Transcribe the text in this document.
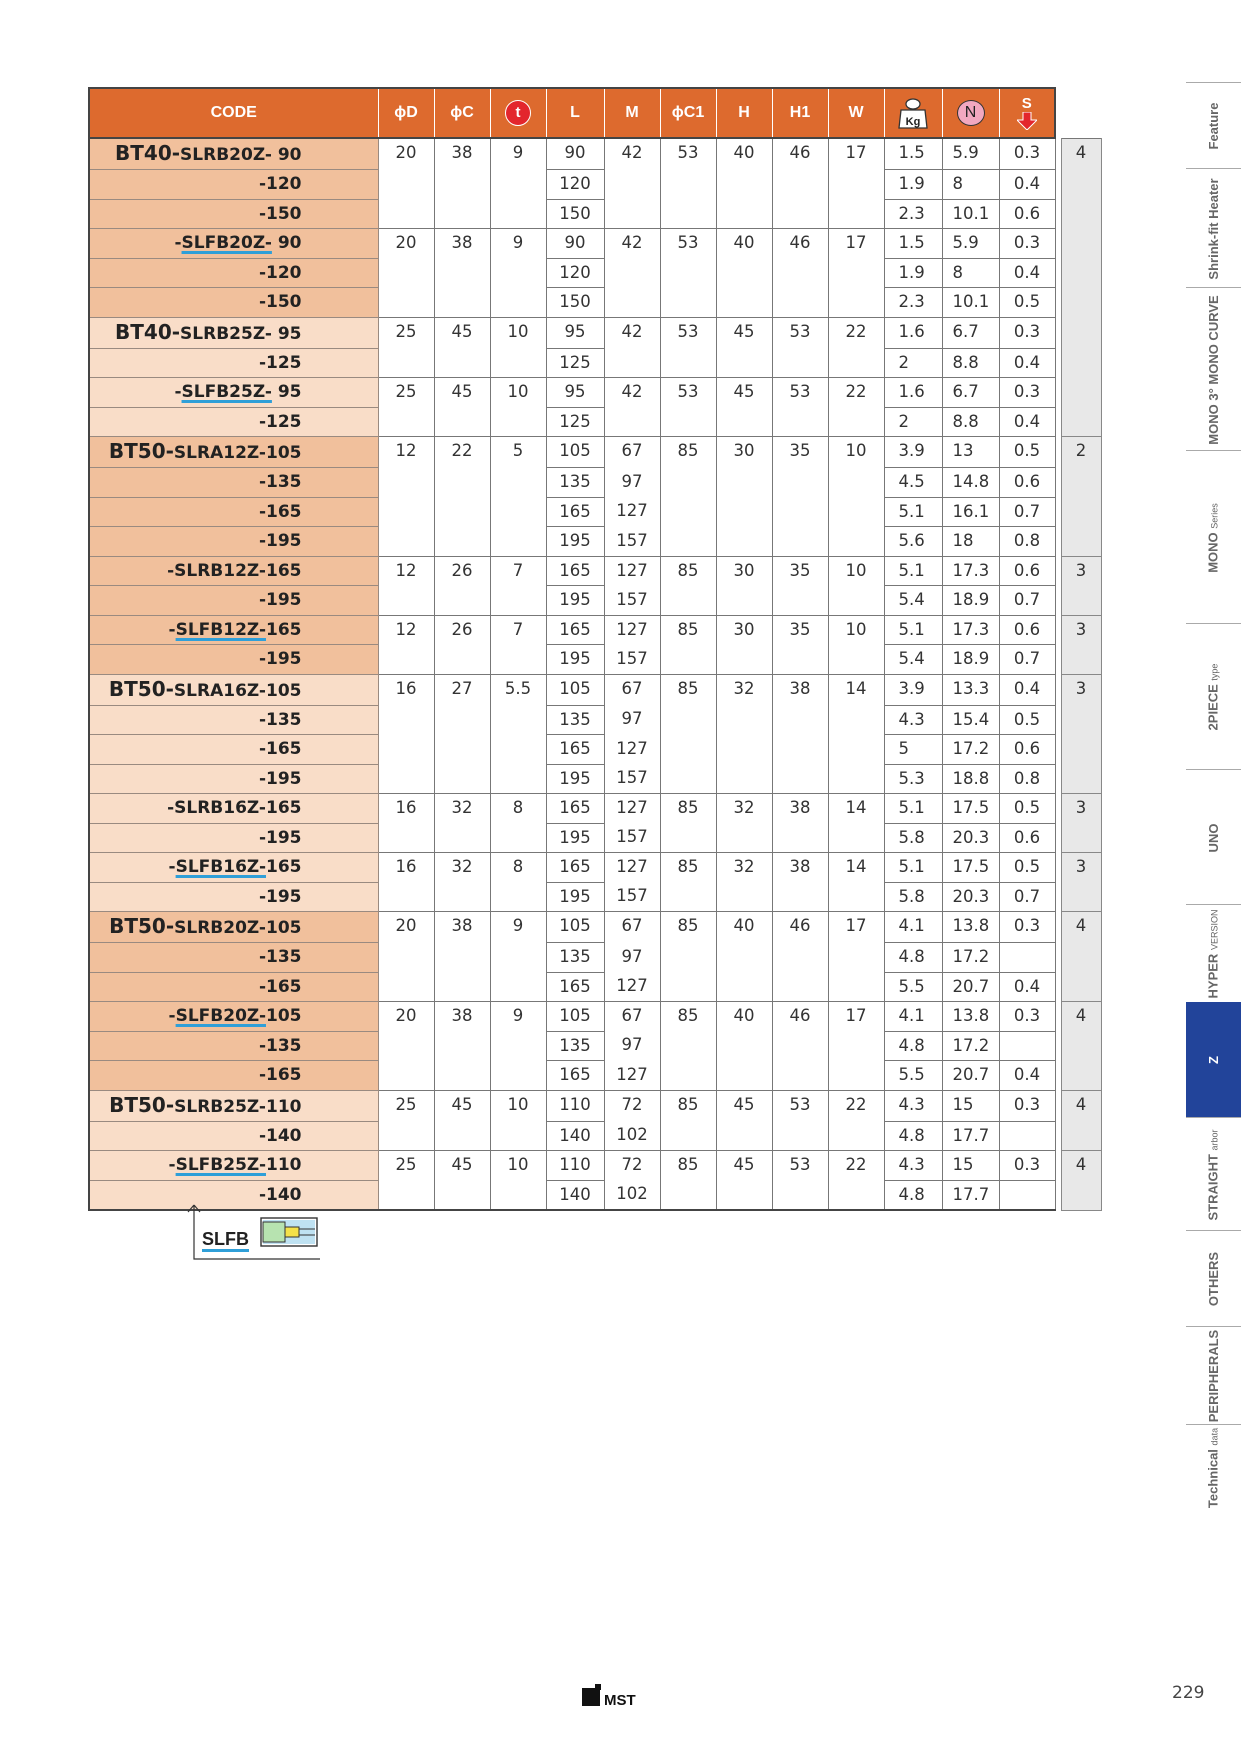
CODE	ϕD	ϕC	t	L	M	ϕC1	H	H1	W	Kg	N	S		

BT40-SLRB20Z- 90	20	38	9	90	42	53	40	46	17	1.5	5.9	0.3		4
-120				120						1.9	8	0.4		
-150				150						2.3	10.1	0.6		
-SLFB20Z- 90	20	38	9	90	42	53	40	46	17	1.5	5.9	0.3		
-120				120						1.9	8	0.4		
-150				150						2.3	10.1	0.5		
BT40-SLRB25Z- 95	25	45	10	95	42	53	45	53	22	1.6	6.7	0.3		
-125				125						2	8.8	0.4		
-SLFB25Z- 95	25	45	10	95	42	53	45	53	22	1.6	6.7	0.3		
-125				125						2	8.8	0.4		
BT50-SLRA12Z-105	12	22	5	105	67	85	30	35	10	3.9	13	0.5		2
-135				135	97					4.5	14.8	0.6		
-165				165	127					5.1	16.1	0.7		
-195				195	157					5.6	18	0.8		
-SLRB12Z-165	12	26	7	165	127	85	30	35	10	5.1	17.3	0.6		3
-195				195	157					5.4	18.9	0.7		
-SLFB12Z-165	12	26	7	165	127	85	30	35	10	5.1	17.3	0.6		3
-195				195	157					5.4	18.9	0.7		
BT50-SLRA16Z-105	16	27	5.5	105	67	85	32	38	14	3.9	13.3	0.4		3
-135				135	97					4.3	15.4	0.5		
-165				165	127					5	17.2	0.6		
-195				195	157					5.3	18.8	0.8		
-SLRB16Z-165	16	32	8	165	127	85	32	38	14	5.1	17.5	0.5		3
-195				195	157					5.8	20.3	0.6		
-SLFB16Z-165	16	32	8	165	127	85	32	38	14	5.1	17.5	0.5		3
-195				195	157					5.8	20.3	0.7		
BT50-SLRB20Z-105	20	38	9	105	67	85	40	46	17	4.1	13.8	0.3		4
-135				135	97					4.8	17.2			
-165				165	127					5.5	20.7	0.4		
-SLFB20Z-105	20	38	9	105	67	85	40	46	17	4.1	13.8	0.3		4
-135				135	97					4.8	17.2			
-165				165	127					5.5	20.7	0.4		
BT50-SLRB25Z-110	25	45	10	110	72	85	45	53	22	4.3	15	0.3		4
-140				140	102					4.8	17.7			
-SLFB25Z-110	25	45	10	110	72	85	45	53	22	4.3	15	0.3		4
-140				140	102					4.8	17.7			
SLFB
MST
Feature
Shrink-fit Heater
MONO 3° MONO CURVE
MONO Series
2PIECE type
UNO
HYPER VERSION
Z
STRAIGHT arbor
OTHERS
PERIPHERALS
Technical data
229
